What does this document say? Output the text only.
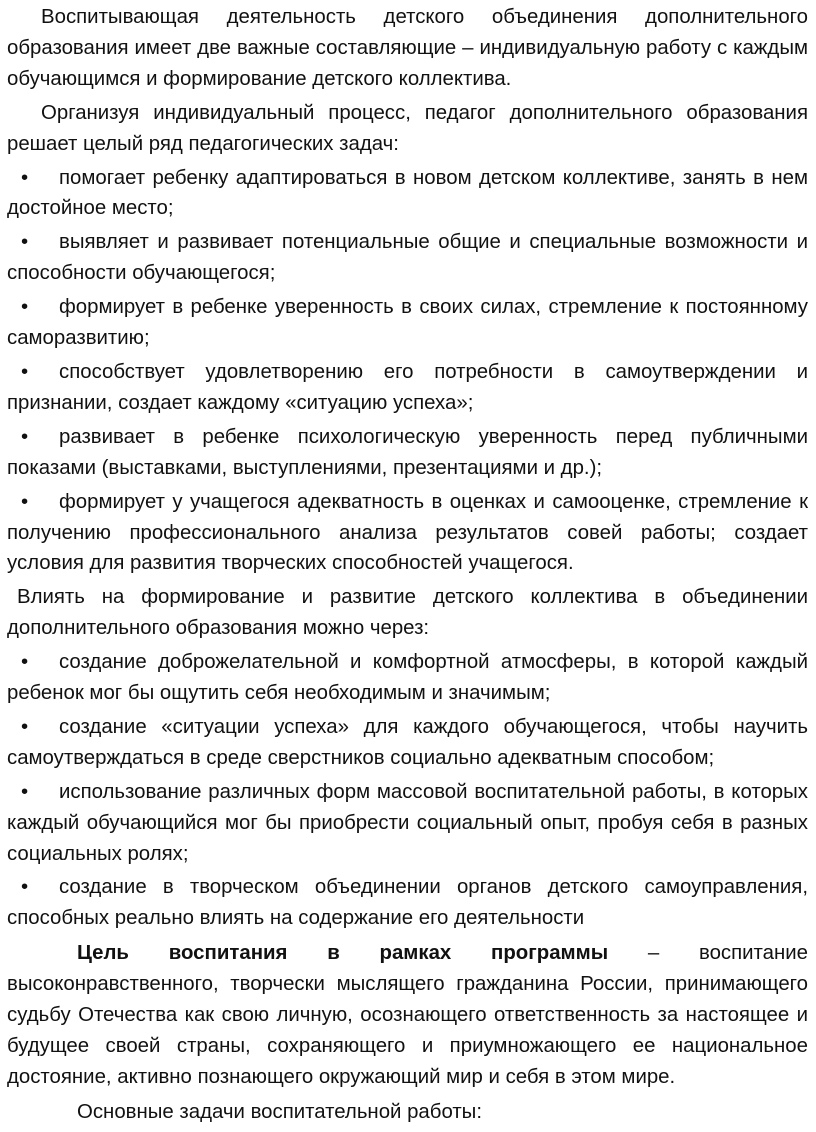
Воспитывающая деятельность детского объединения дополнительного образования имеет две важные составляющие – индивидуальную работу с каждым обучающимся и формирование детского коллектива.

Организуя индивидуальный процесс, педагог дополнительного образования решает целый ряд педагогических задач:

• помогает ребенку адаптироваться в новом детском коллективе, занять в нем достойное место;

• выявляет и развивает потенциальные общие и специальные возможности и способности обучающегося;

• формирует в ребенке уверенность в своих силах, стремление к постоянному саморазвитию;

• способствует удовлетворению его потребности в самоутверждении и признании, создает каждому «ситуацию успеха»;

• развивает в ребенке психологическую уверенность перед публичными показами (выставками, выступлениями, презентациями и др.);

• формирует у учащегося адекватность в оценках и самооценке, стремление к получению профессионального анализа результатов совей работы; создает условия для развития творческих способностей учащегося.

Влиять на формирование и развитие детского коллектива в объединении дополнительного образования можно через:

• создание доброжелательной и комфортной атмосферы, в которой каждый ребенок мог бы ощутить себя необходимым и значимым;

• создание «ситуации успеха» для каждого обучающегося, чтобы научить самоутверждаться в среде сверстников социально адекватным способом;

• использование различных форм массовой воспитательной работы, в которых каждый обучающийся мог бы приобрести социальный опыт, пробуя себя в разных социальных ролях;

• создание в творческом объединении органов детского самоуправления, способных реально влиять на содержание его деятельности

Цель воспитания в рамках программы – воспитание высоконравственного, творчески мыслящего гражданина России, принимающего судьбу Отечества как свою личную, осознающего ответственность за настоящее и будущее своей страны, сохраняющего и приумножающего ее национальное достояние, активно познающего окружающий мир и себя в этом мире.

Основные задачи воспитательной работы:
